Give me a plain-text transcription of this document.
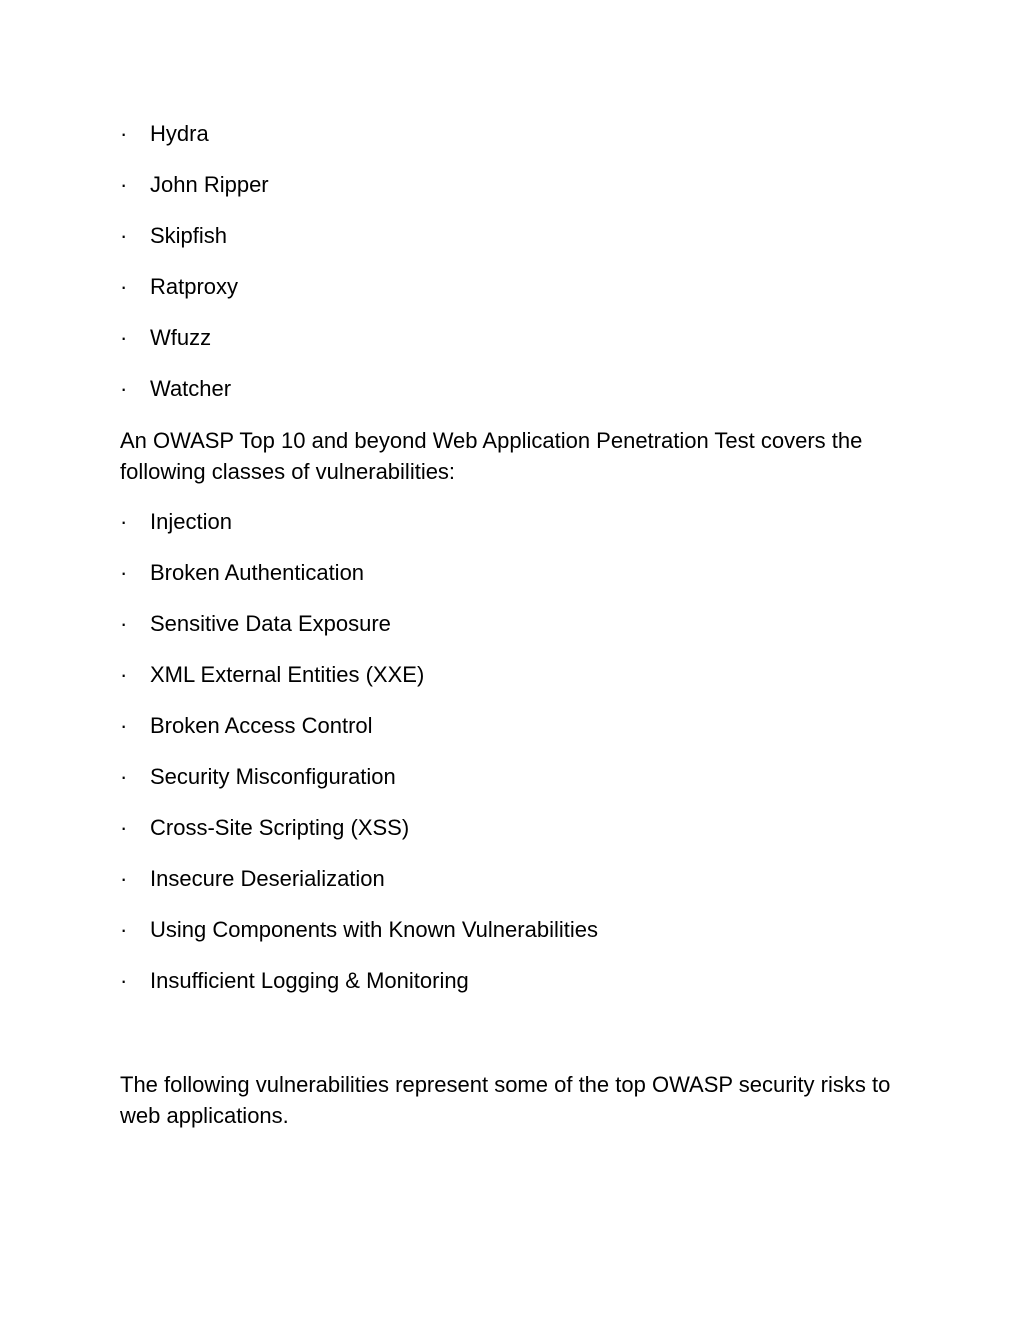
·	Hydra
·	John Ripper
·	Skipfish
·	Ratproxy
·	Wfuzz
·	Watcher

An OWASP Top 10 and beyond Web Application Penetration Test covers the following classes of vulnerabilities:

·	Injection
·	Broken Authentication
·	Sensitive Data Exposure
·	XML External Entities (XXE)
·	Broken Access Control
·	Security Misconfiguration
·	Cross-Site Scripting (XSS)
·	Insecure Deserialization
·	Using Components with Known Vulnerabilities
·	Insufficient Logging & Monitoring

The following vulnerabilities represent some of the top OWASP security risks to web applications.
